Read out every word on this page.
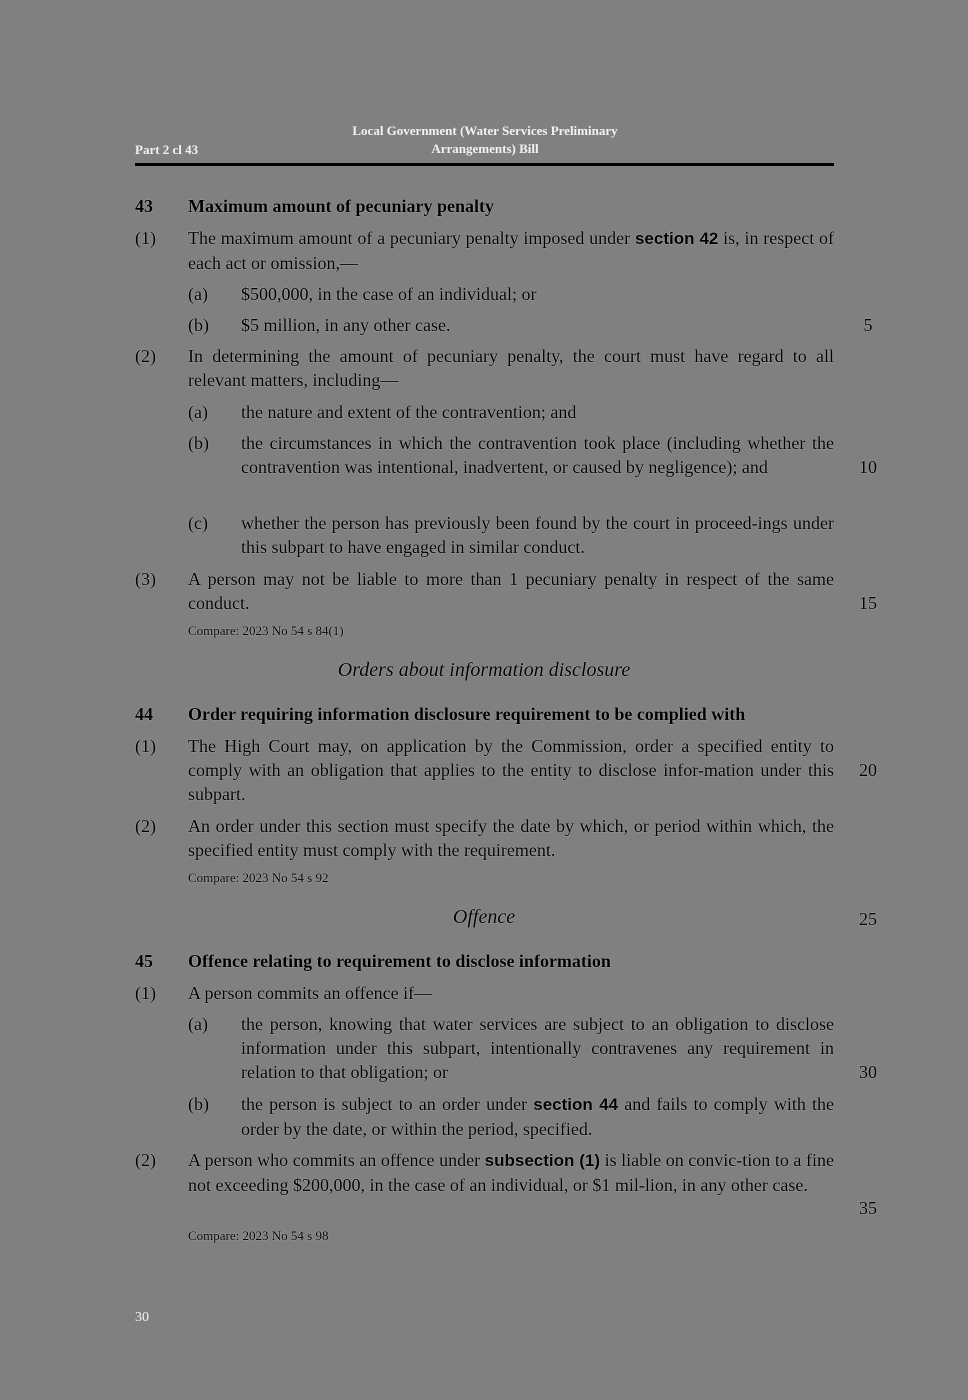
Part 2 cl 43
Local Government (Water Services Preliminary
Arrangements) Bill
43 Maximum amount of pecuniary penalty
(1) The maximum amount of a pecuniary penalty imposed under section 42 is, in respect of each act or omission,—
(a) $500,000, in the case of an individual; or
(b) $5 million, in any other case.
(2) In determining the amount of pecuniary penalty, the court must have regard to all relevant matters, including—
(a) the nature and extent of the contravention; and
(b) the circumstances in which the contravention took place (including whether the contravention was intentional, inadvertent, or caused by negligence); and
(c) whether the person has previously been found by the court in proceed-ings under this subpart to have engaged in similar conduct.
(3) A person may not be liable to more than 1 pecuniary penalty in respect of the same conduct.
Compare: 2023 No 54 s 84(1)
Orders about information disclosure
44 Order requiring information disclosure requirement to be complied with
(1) The High Court may, on application by the Commission, order a specified entity to comply with an obligation that applies to the entity to disclose infor-mation under this subpart.
(2) An order under this section must specify the date by which, or period within which, the specified entity must comply with the requirement.
Compare: 2023 No 54 s 92
Offence
45 Offence relating to requirement to disclose information
(1) A person commits an offence if—
(a) the person, knowing that water services are subject to an obligation to disclose information under this subpart, intentionally contravenes any requirement in relation to that obligation; or
(b) the person is subject to an order under section 44 and fails to comply with the order by the date, or within the period, specified.
(2) A person who commits an offence under subsection (1) is liable on convic-tion to a fine not exceeding $200,000, in the case of an individual, or $1 mil-lion, in any other case.
Compare: 2023 No 54 s 98
5
10
15
20
25
30
35
30
